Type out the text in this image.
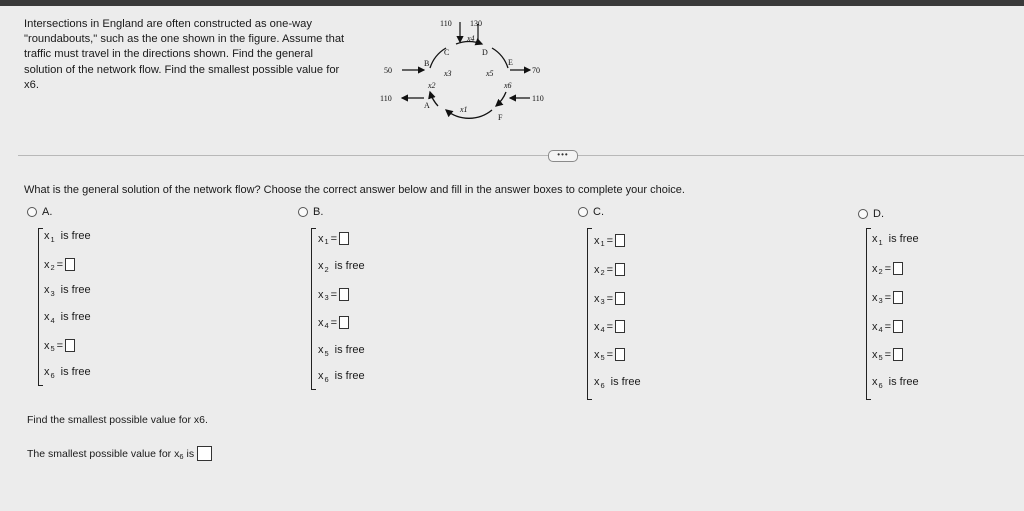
Intersections in England are often constructed as one-way
"roundabouts," such as the one shown in the figure. Assume that
traffic must travel in the directions shown. Find the general
solution of the network flow. Find the smallest possible value for
x6.
110 130
50	70
110	110
A
B
C	D
E
F
x1
x2
x3
x4
x5
x6
•••
What is the general solution of the network flow? Choose the correct answer below and fill in the answer boxes to complete your choice.
A.
x 1 is free
x 2 =
x 3 is free
x 4 is free
x 5 =
x 6 is free
B.
x 1 =
x 2 is free
x 3 =
x 4 =
x 5 is free
x 6 is free
C.
x 1 =
x 2 =
x 3 =
x 4 =
x 5 =
x 6 is free
D.
x 1 is free
x 2 =
x 3 =
x 4 =
x 5 =
x 6 is free
Find the smallest possible value for x6.
The smallest possible value for x 6 is
